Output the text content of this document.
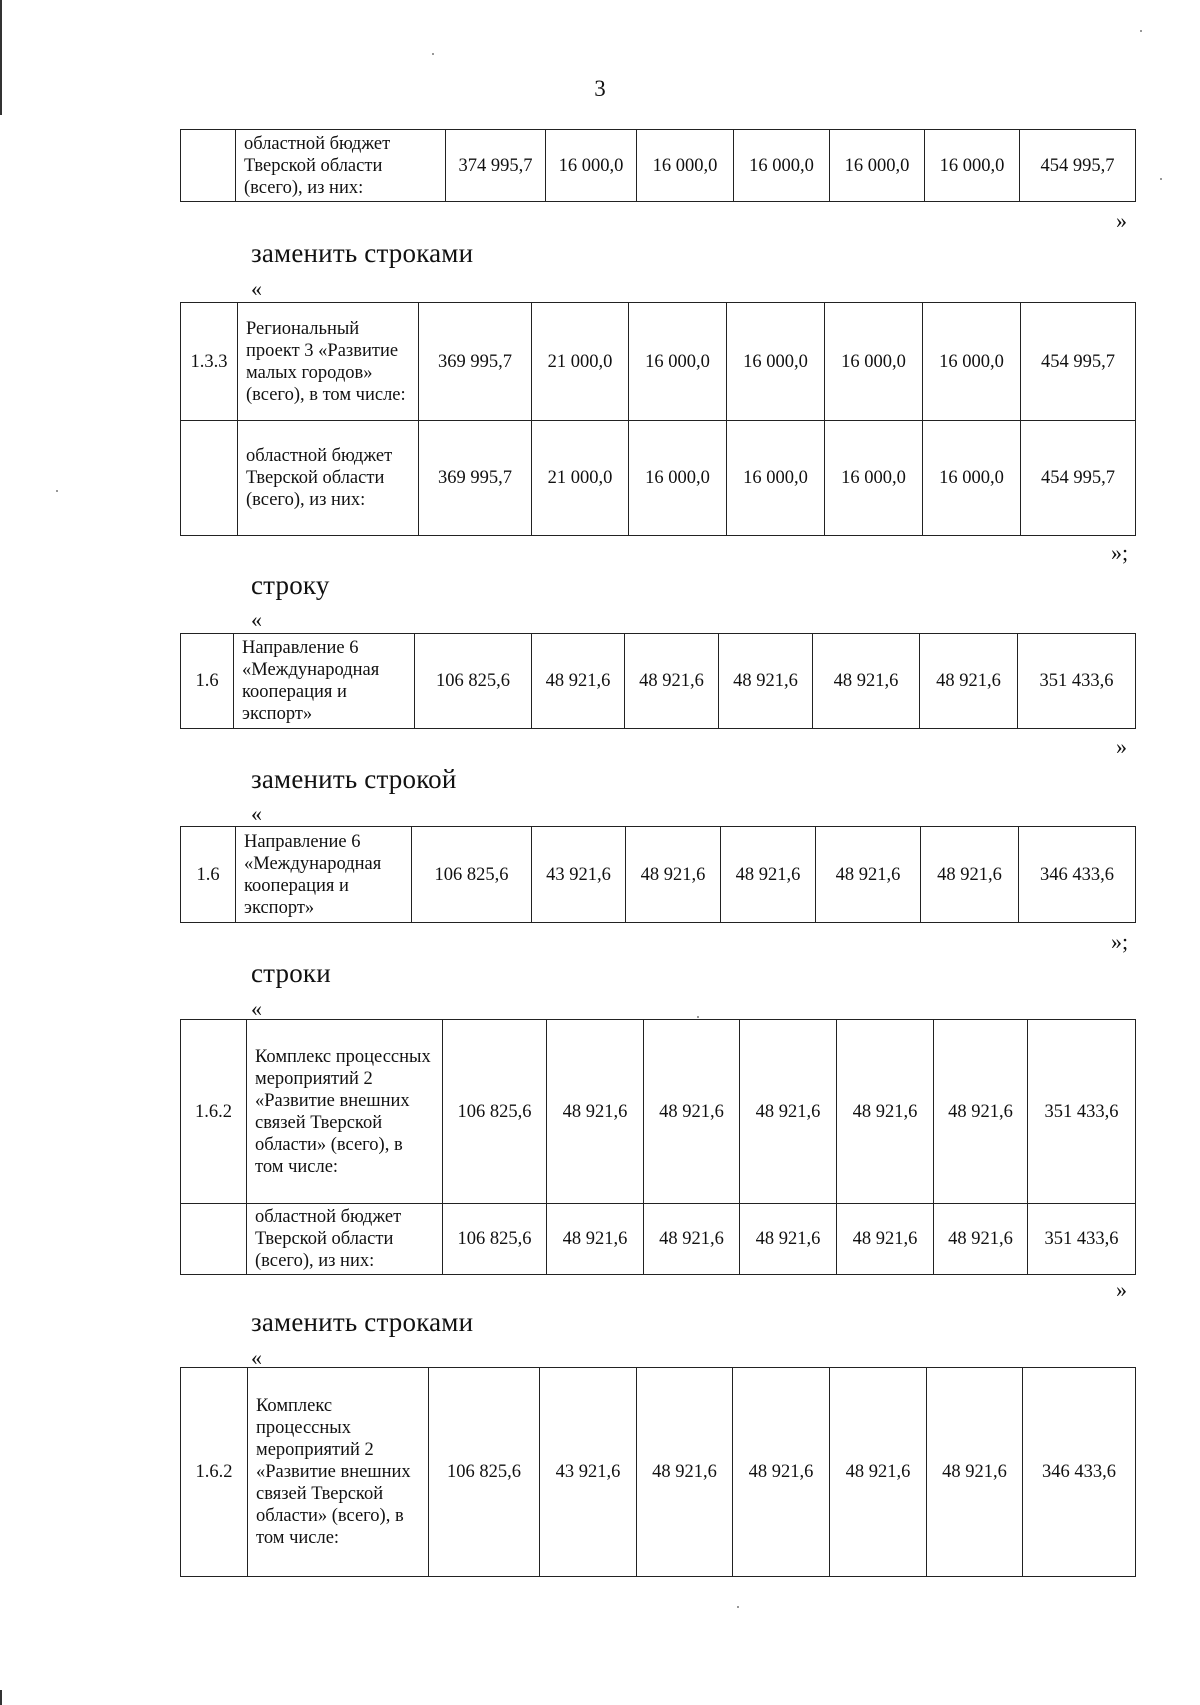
3
	областной бюджет Тверской области (всего), из них:	374 995,7	16 000,0	16 000,0	16 000,0	16 000,0	16 000,0	454 995,7
»
заменить строками
«
1.3.3	Региональный проект 3 «Развитие малых городов» (всего), в том числе:	369 995,7	21 000,0	16 000,0	16 000,0	16 000,0	16 000,0	454 995,7
	областной бюджет Тверской области (всего), из них:	369 995,7	21 000,0	16 000,0	16 000,0	16 000,0	16 000,0	454 995,7
»;
строку
«
1.6	Направление 6 «Международная кооперация и экспорт»	106 825,6	48 921,6	48 921,6	48 921,6	48 921,6	48 921,6	351 433,6
»
заменить строкой
«
1.6	Направление 6 «Международная кооперация и экспорт»	106 825,6	43 921,6	48 921,6	48 921,6	48 921,6	48 921,6	346 433,6
»;
строки
«
1.6.2	Комплекс процессных мероприятий 2 «Развитие внешних связей Тверской области» (всего), в том числе:	106 825,6	48 921,6	48 921,6	48 921,6	48 921,6	48 921,6	351 433,6
	областной бюджет Тверской области (всего), из них:	106 825,6	48 921,6	48 921,6	48 921,6	48 921,6	48 921,6	351 433,6
»
заменить строками
«
1.6.2	Комплекс процессных мероприятий 2 «Развитие внешних связей Тверской области» (всего), в том числе:	106 825,6	43 921,6	48 921,6	48 921,6	48 921,6	48 921,6	346 433,6
